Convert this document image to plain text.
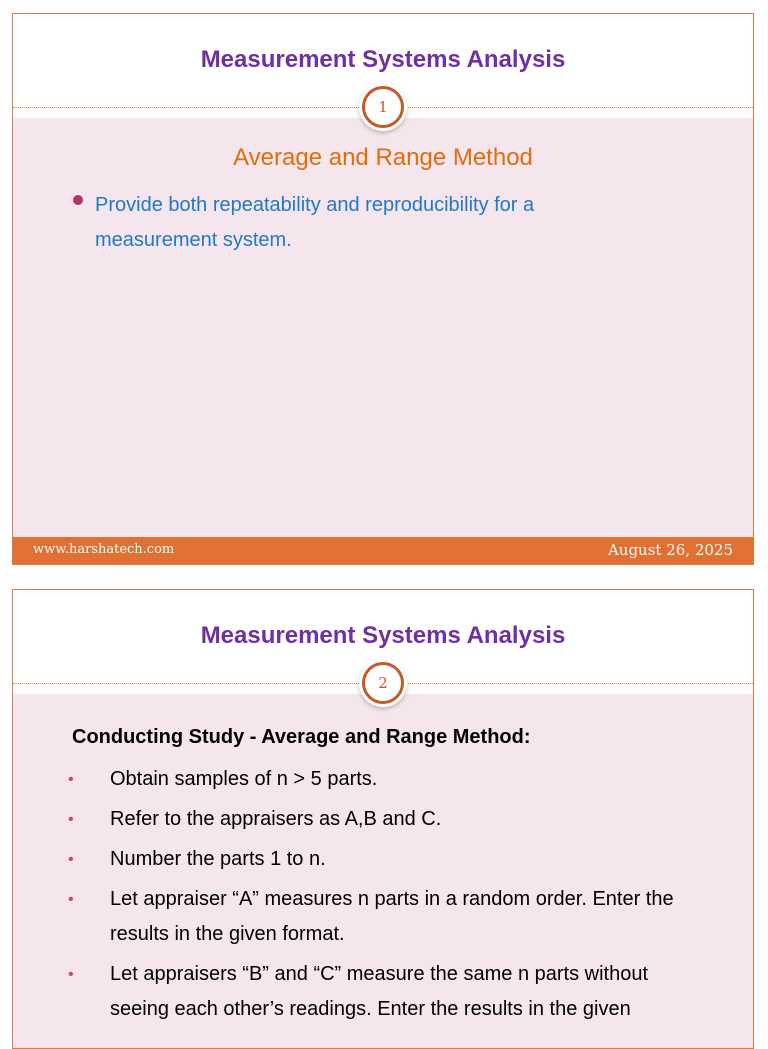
Measurement Systems Analysis
1
Average and Range Method
Provide both repeatability and reproducibility for a measurement system.
www.harshatech.com	August 26, 2025
Measurement Systems Analysis
2
Conducting Study - Average and Range Method:
• Obtain samples of n > 5 parts.
• Refer to the appraisers as A,B and C.
• Number the parts 1 to n.
• Let appraiser “A” measures n parts in a random order. Enter the results in the given format.
• Let appraisers “B” and “C” measure the same n parts without seeing each other’s readings. Enter the results in the given
